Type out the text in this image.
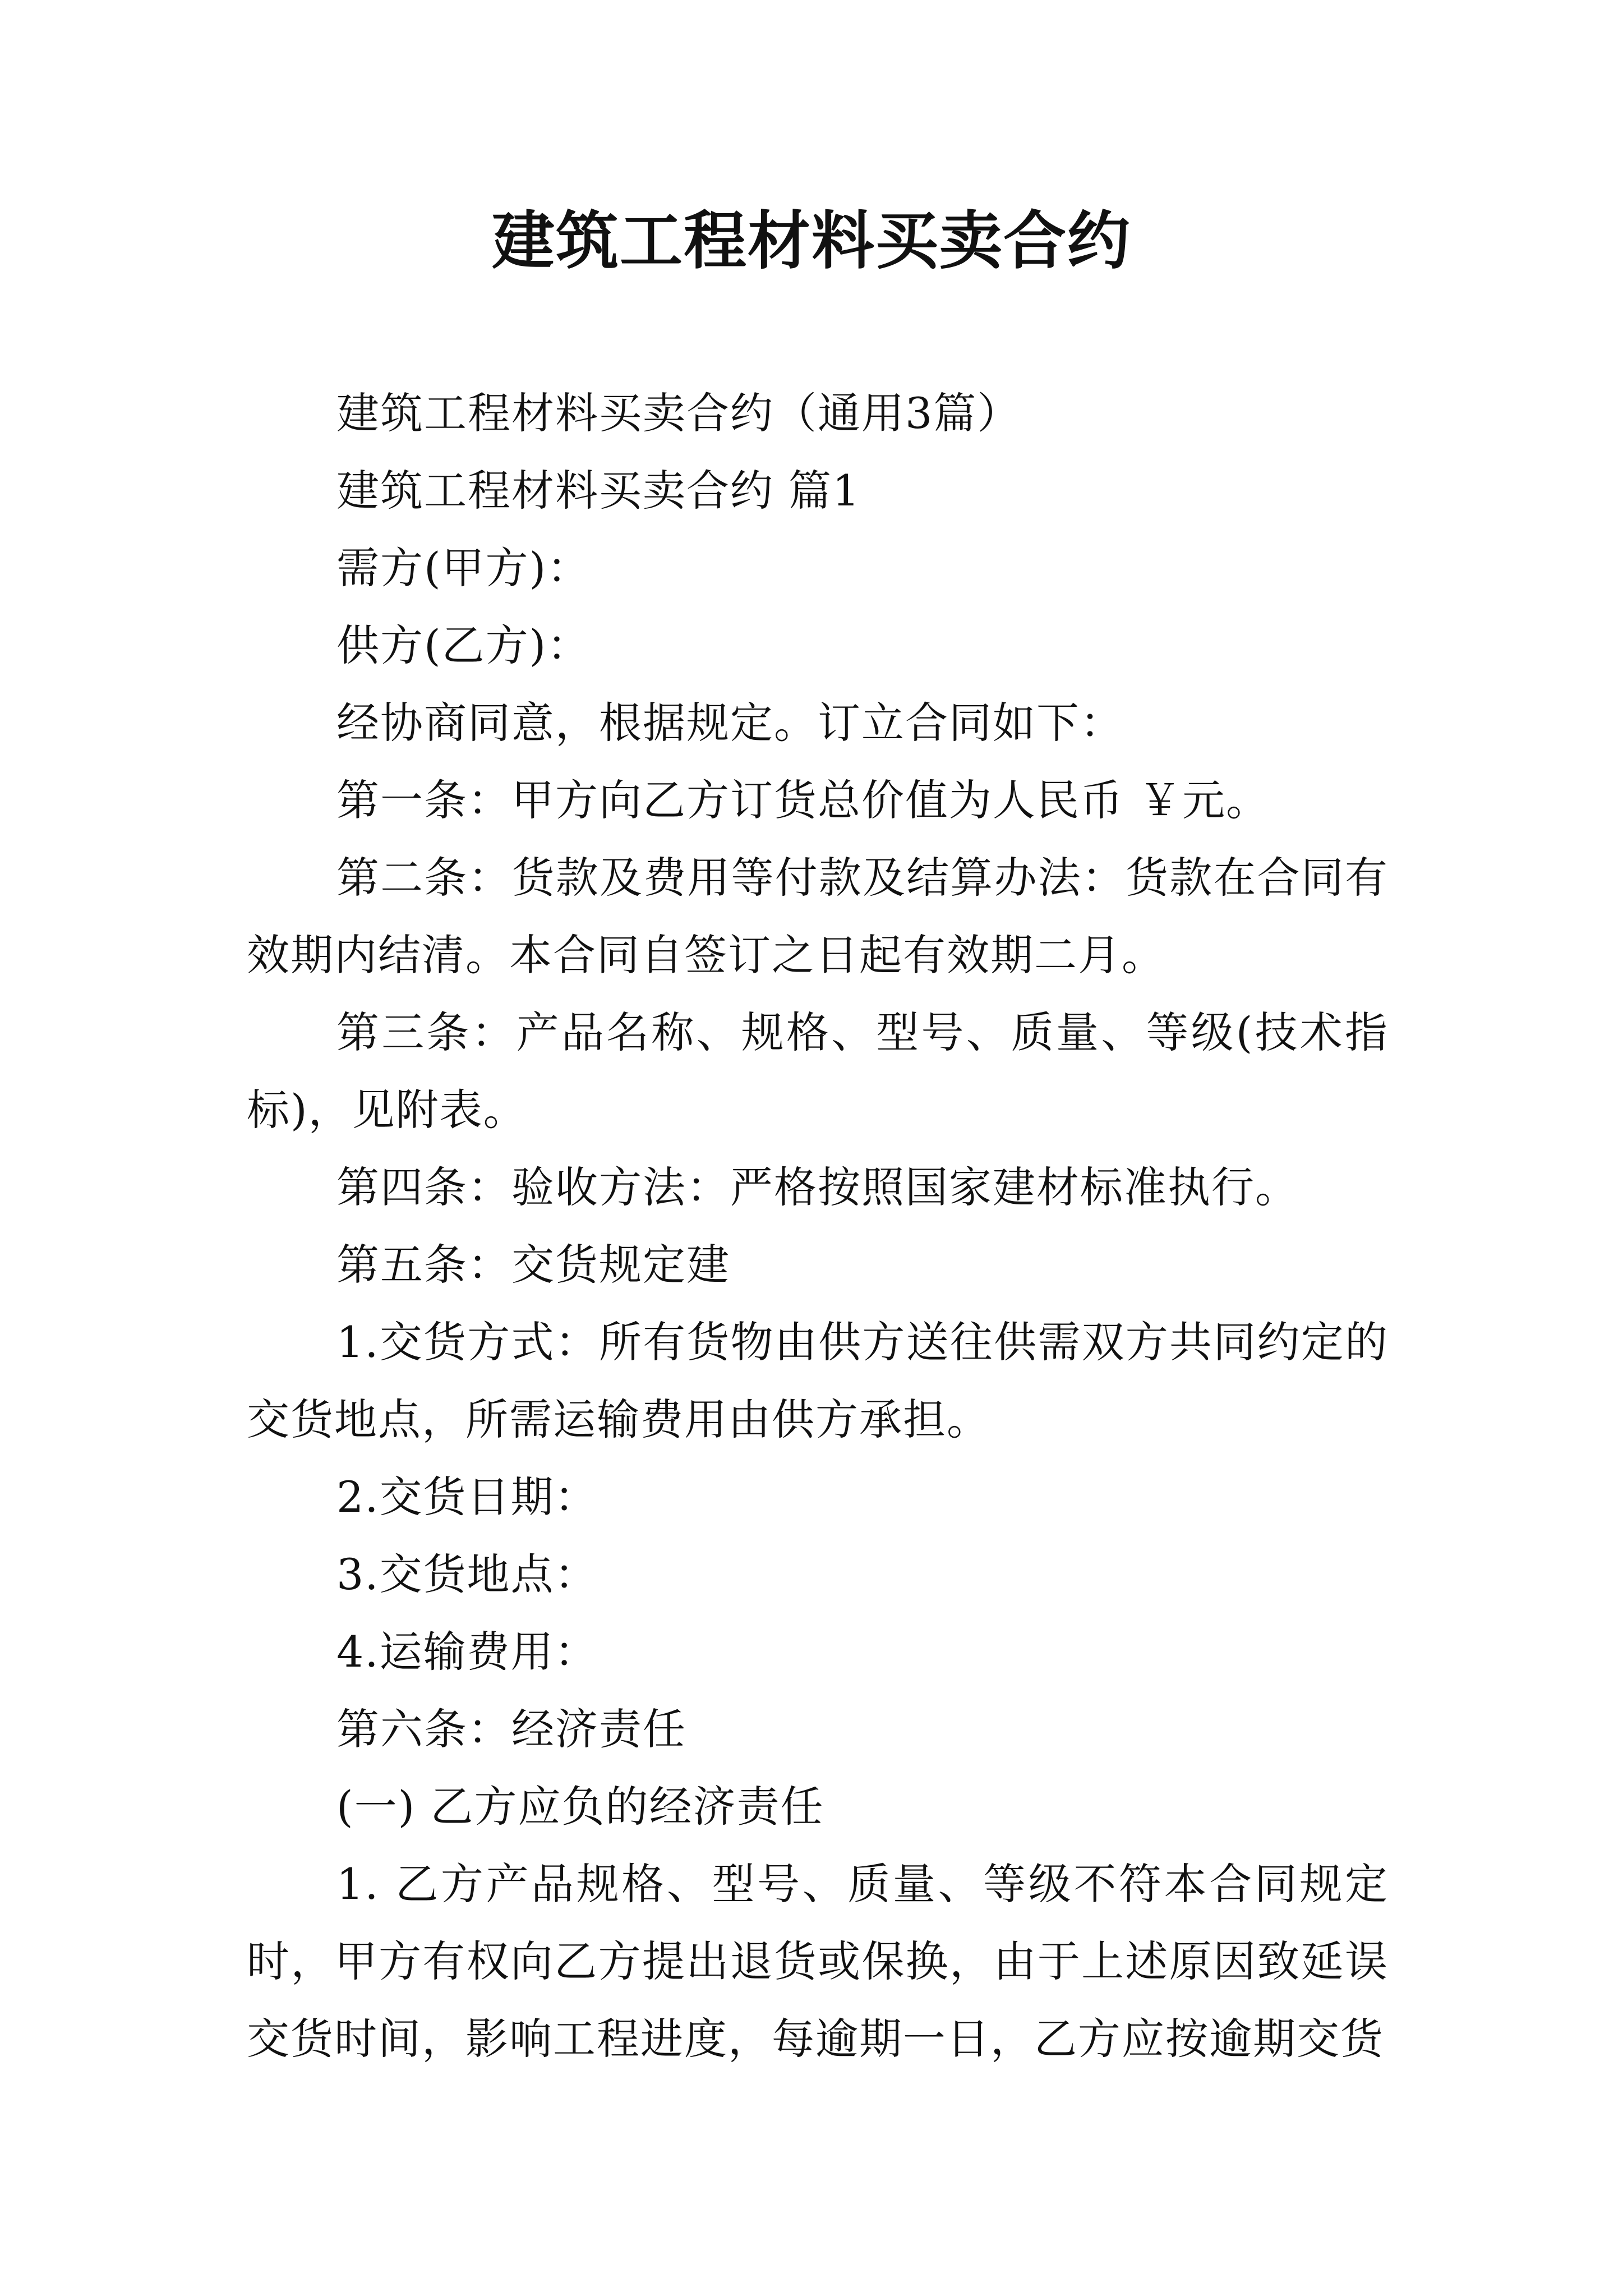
建筑工程材料买卖合约

建筑工程材料买卖合约（通用3篇）

建筑工程材料买卖合约 篇1

需方(甲方)：

供方(乙方)：

经协商同意，根据规定。订立合同如下：

第一条：甲方向乙方订货总价值为人民币 ￥元。

第二条：货款及费用等付款及结算办法：货款在合同有效期内结清。本合同自签订之日起有效期二月。

第三条：产品名称、规格、型号、质量、等级(技术指标)，见附表。

第四条：验收方法：严格按照国家建材标准执行。

第五条：交货规定建

1.交货方式：所有货物由供方送往供需双方共同约定的交货地点，所需运输费用由供方承担。

2.交货日期：

3.交货地点：

4.运输费用：

第六条：经济责任

(一) 乙方应负的经济责任

1. 乙方产品规格、型号、质量、等级不符本合同规定时，甲方有权向乙方提出退货或保换，由于上述原因致延误交货时间，影响工程进度，每逾期一日，乙方应按逾期交货
